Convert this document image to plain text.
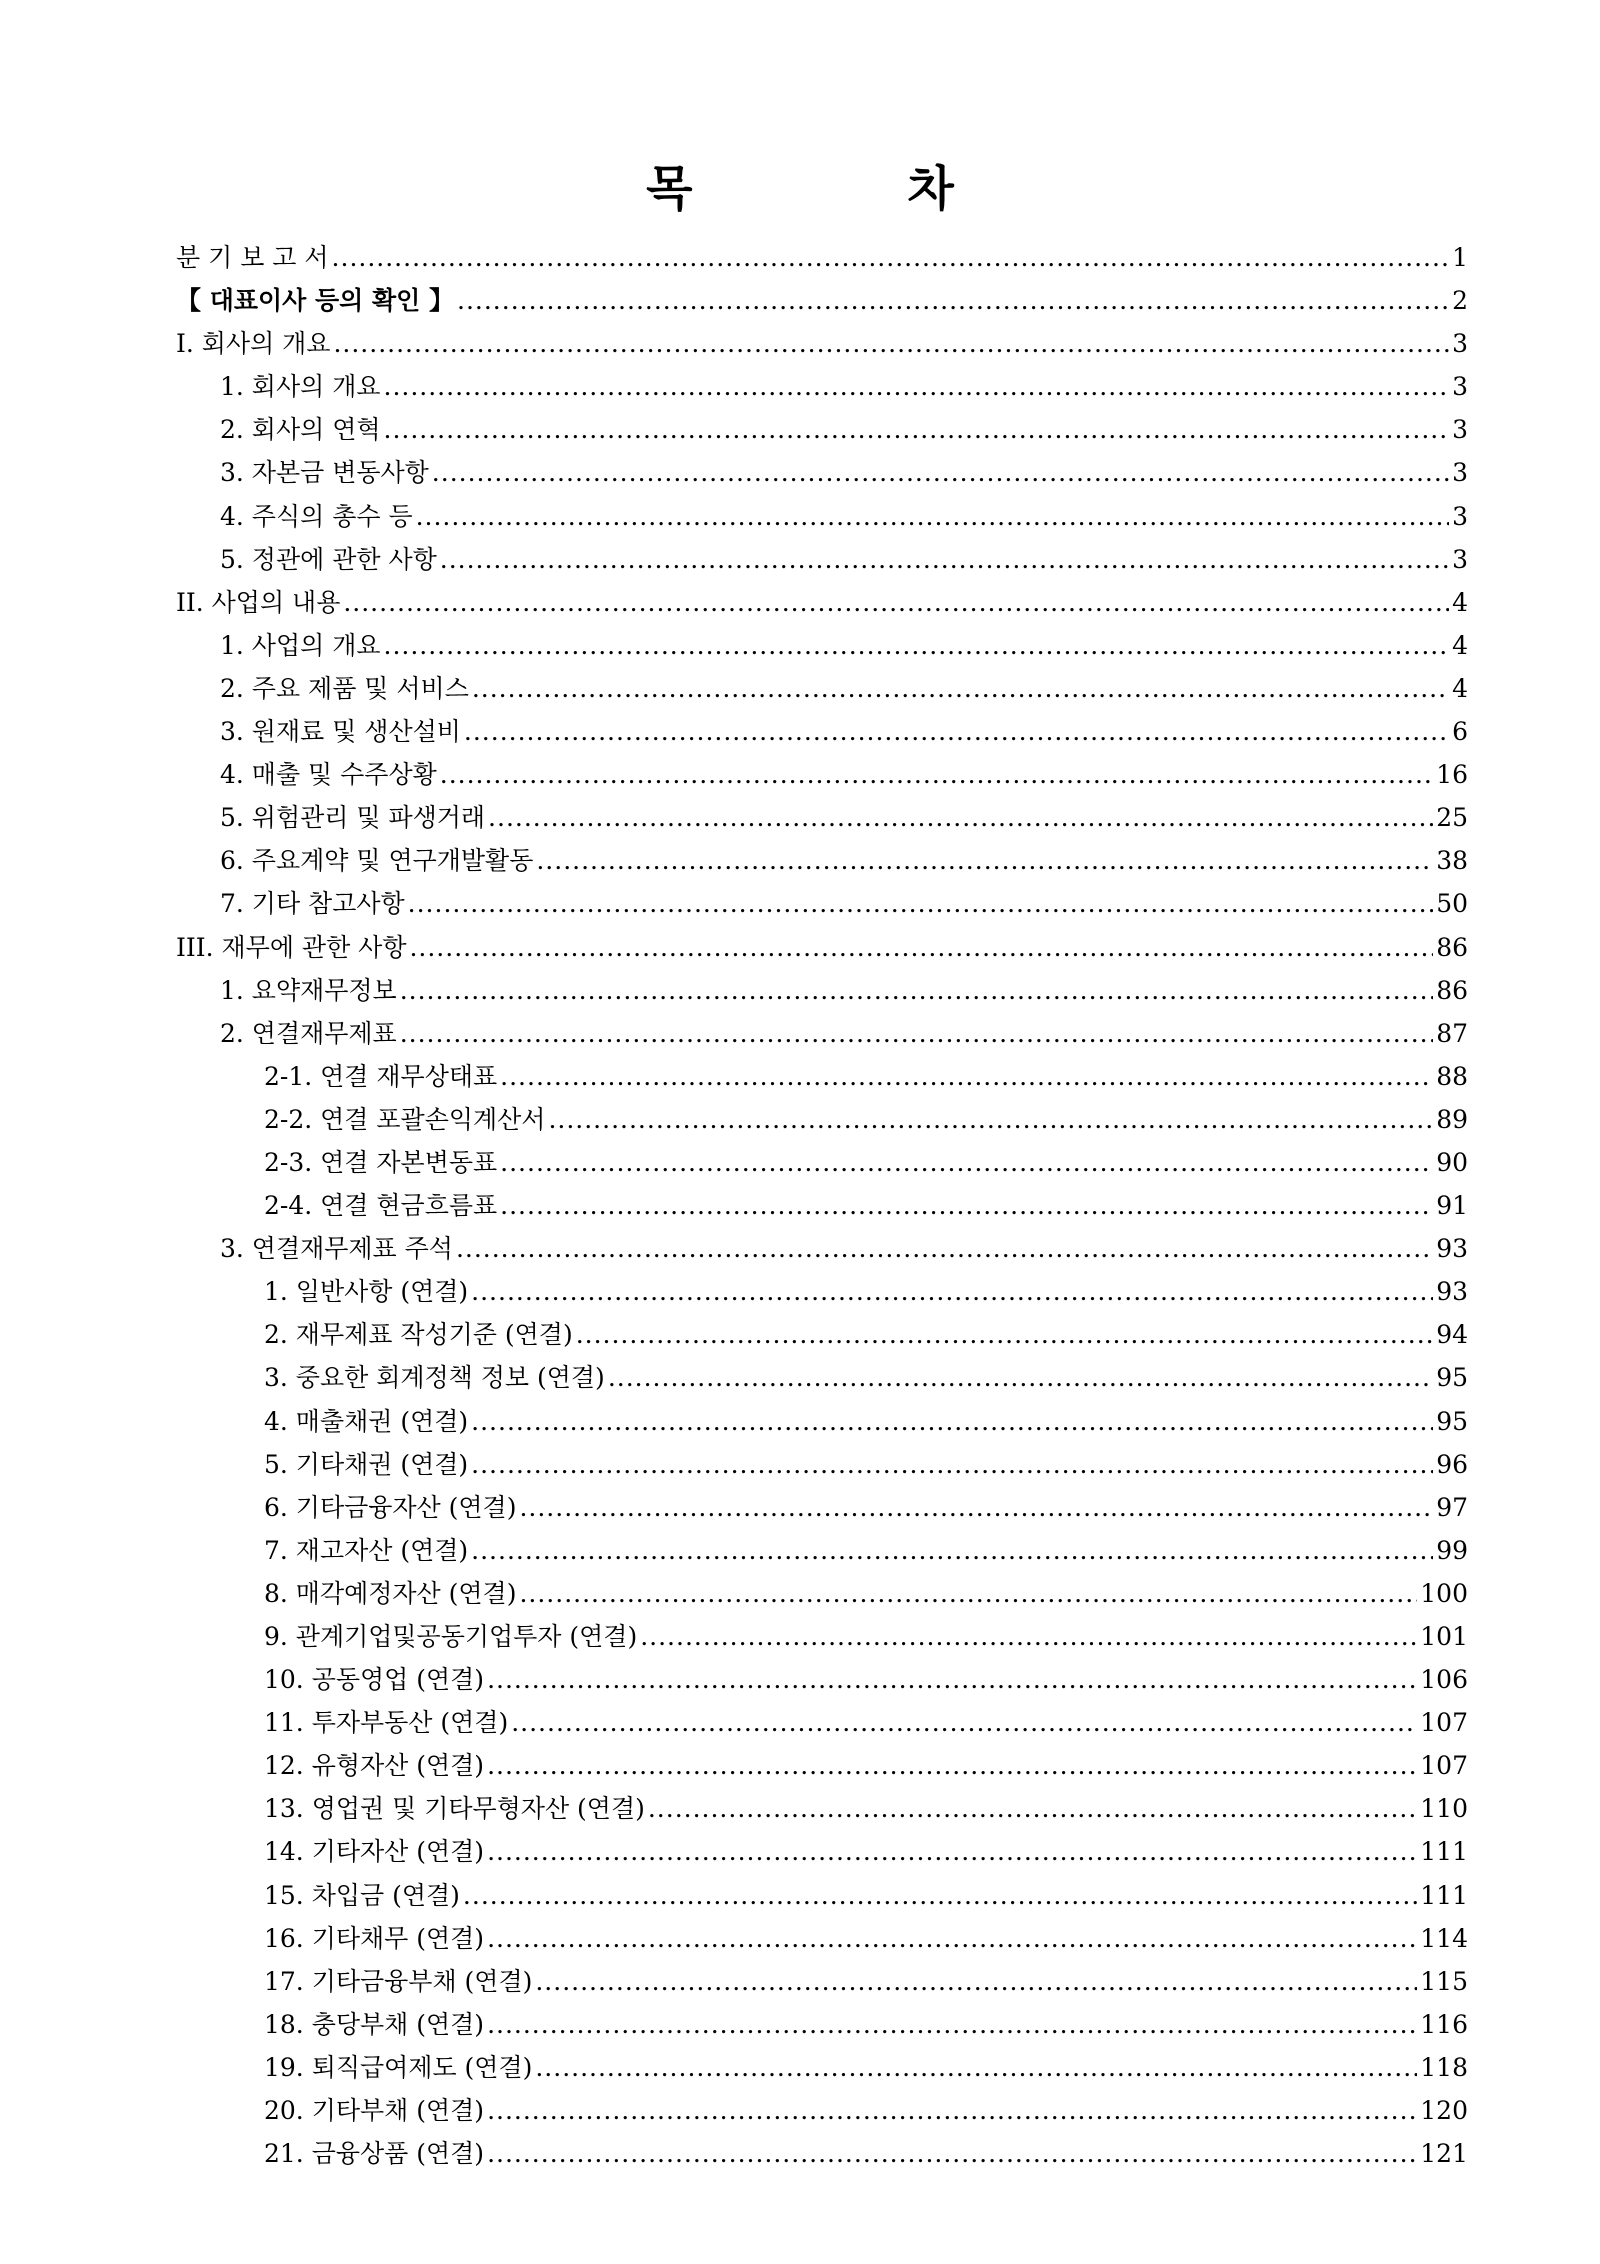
목	차
분 기 보 고 서 .....	1
【 대표이사 등의 확인 】 .....	2
I. 회사의 개요 .....	3
1. 회사의 개요 .....	3
2. 회사의 연혁 .....	3
3. 자본금 변동사항 .....	3
4. 주식의 총수 등 .....	3
5. 정관에 관한 사항 .....	3
II. 사업의 내용 .....	4
1. 사업의 개요 .....	4
2. 주요 제품 및 서비스 .....	4
3. 원재료 및 생산설비 .....	6
4. 매출 및 수주상황 .....	16
5. 위험관리 및 파생거래 .....	25
6. 주요계약 및 연구개발활동 .....	38
7. 기타 참고사항 .....	50
III. 재무에 관한 사항 .....	86
1. 요약재무정보 .....	86
2. 연결재무제표 .....	87
2-1. 연결 재무상태표 .....	88
2-2. 연결 포괄손익계산서 .....	89
2-3. 연결 자본변동표 .....	90
2-4. 연결 현금흐름표 .....	91
3. 연결재무제표 주석 .....	93
1. 일반사항 (연결) .....	93
2. 재무제표 작성기준 (연결) .....	94
3. 중요한 회계정책 정보 (연결) .....	95
4. 매출채권 (연결) .....	95
5. 기타채권 (연결) .....	96
6. 기타금융자산 (연결) .....	97
7. 재고자산 (연결) .....	99
8. 매각예정자산 (연결) .....	100
9. 관계기업및공동기업투자 (연결) .....	101
10. 공동영업 (연결) .....	106
11. 투자부동산 (연결) .....	107
12. 유형자산 (연결) .....	107
13. 영업권 및 기타무형자산 (연결) .....	110
14. 기타자산 (연결) .....	111
15. 차입금 (연결) .....	111
16. 기타채무 (연결) .....	114
17. 기타금융부채 (연결) .....	115
18. 충당부채 (연결) .....	116
19. 퇴직급여제도 (연결) .....	118
20. 기타부채 (연결) .....	120
21. 금융상품 (연결) .....	121
